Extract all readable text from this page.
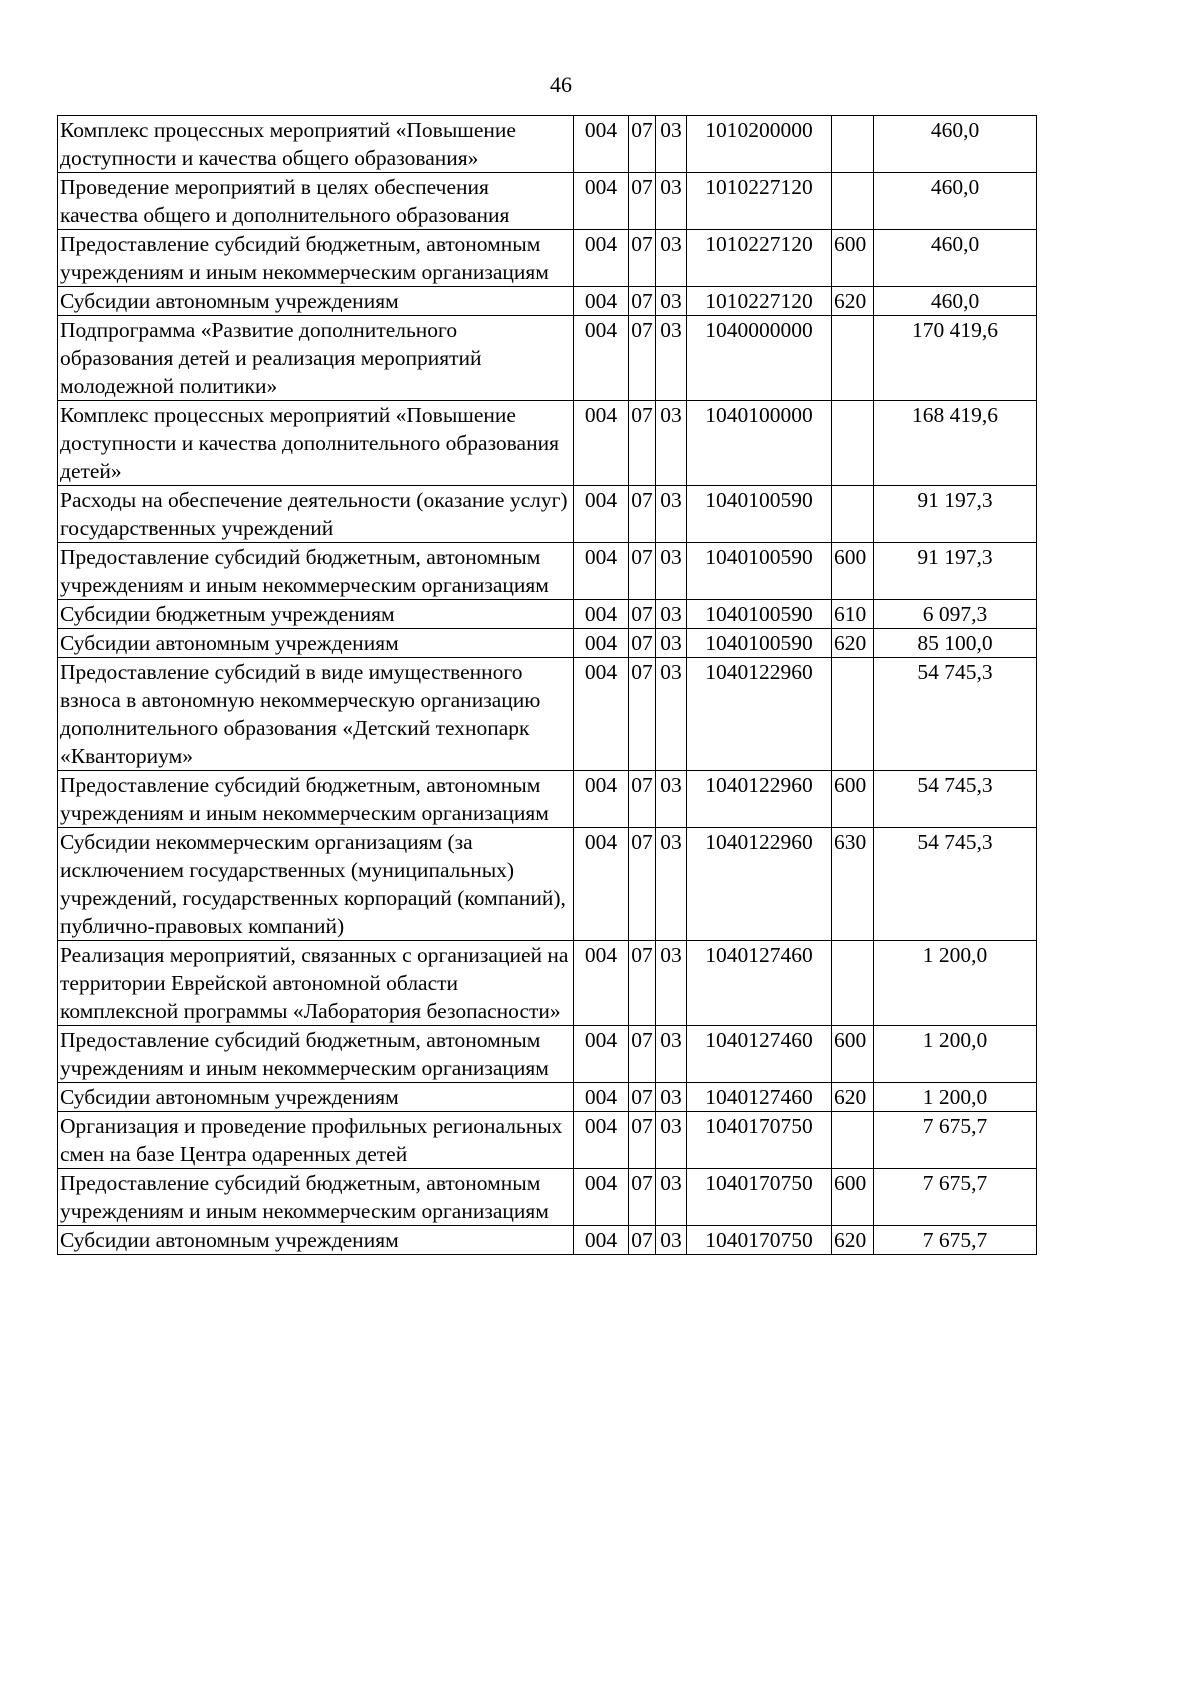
46
Комплекс процессных мероприятий «Повышение доступности и качества общего образования»	004	07	03	1010200000		460,0
Проведение мероприятий в целях обеспечения качества общего и дополнительного образования	004	07	03	1010227120		460,0
Предоставление субсидий бюджетным, автономным учреждениям и иным некоммерческим организациям	004	07	03	1010227120	600	460,0
Субсидии автономным учреждениям	004	07	03	1010227120	620	460,0
Подпрограмма «Развитие дополнительного образования детей и реализация мероприятий молодежной политики»	004	07	03	1040000000		170 419,6
Комплекс процессных мероприятий «Повышение доступности и качества дополнительного образования детей»	004	07	03	1040100000		168 419,6
Расходы на обеспечение деятельности (оказание услуг) государственных учреждений	004	07	03	1040100590		91 197,3
Предоставление субсидий бюджетным, автономным учреждениям и иным некоммерческим организациям	004	07	03	1040100590	600	91 197,3
Субсидии бюджетным учреждениям	004	07	03	1040100590	610	6 097,3
Субсидии автономным учреждениям	004	07	03	1040100590	620	85 100,0
Предоставление субсидий в виде имущественного взноса в автономную некоммерческую организацию дополнительного образования «Детский технопарк «Кванториум»	004	07	03	1040122960		54 745,3
Предоставление субсидий бюджетным, автономным учреждениям и иным некоммерческим организациям	004	07	03	1040122960	600	54 745,3
Субсидии некоммерческим организациям (за исключением государственных (муниципальных) учреждений, государственных корпораций (компаний), публично-правовых компаний)	004	07	03	1040122960	630	54 745,3
Реализация мероприятий, связанных с организацией на территории Еврейской автономной области комплексной программы «Лаборатория безопасности»	004	07	03	1040127460		1 200,0
Предоставление субсидий бюджетным, автономным учреждениям и иным некоммерческим организациям	004	07	03	1040127460	600	1 200,0
Субсидии автономным учреждениям	004	07	03	1040127460	620	1 200,0
Организация и проведение профильных региональных смен на базе Центра одаренных детей	004	07	03	1040170750		7 675,7
Предоставление субсидий бюджетным, автономным учреждениям и иным некоммерческим организациям	004	07	03	1040170750	600	7 675,7
Субсидии автономным учреждениям	004	07	03	1040170750	620	7 675,7
